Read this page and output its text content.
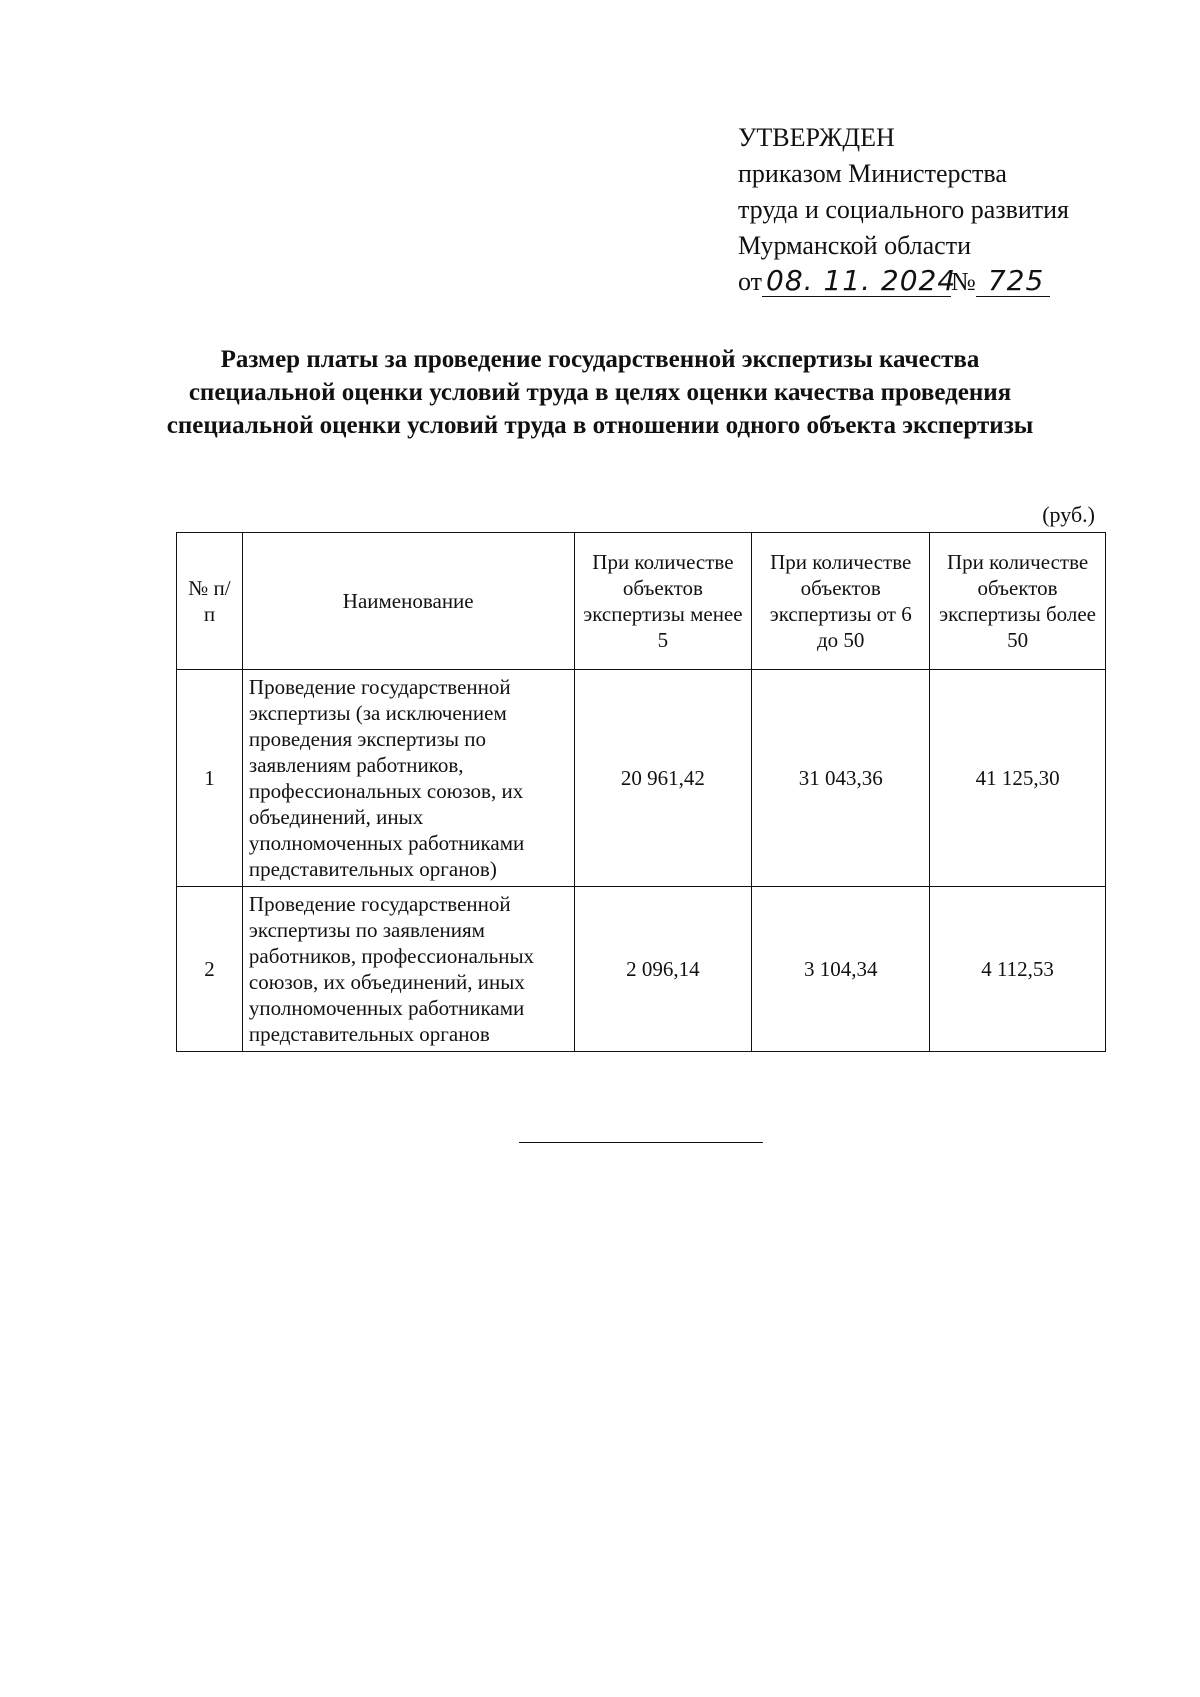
УТВЕРЖДЕН
приказом Министерства
труда и социального развития
Мурманской области
от 08. 11. 2024№ 725
Размер платы за проведение государственной экспертизы качества специальной оценки условий труда в целях оценки качества проведения специальной оценки условий труда в отношении одного объекта экспертизы
(руб.)
№ п/п	Наименование	При количестве объектов экспертизы менее 5	При количестве объектов экспертизы от 6 до 50	При количестве объектов экспертизы более 50
1	Проведение государственной экспертизы (за исключением проведения экспертизы по заявлениям работников, профессиональных союзов, их объединений, иных уполномоченных работниками представительных органов)	20 961,42	31 043,36	41 125,30
2	Проведение государственной экспертизы по заявлениям работников, профессиональных союзов, их объединений, иных уполномоченных работниками представительных органов	2 096,14	3 104,34	4 112,53
